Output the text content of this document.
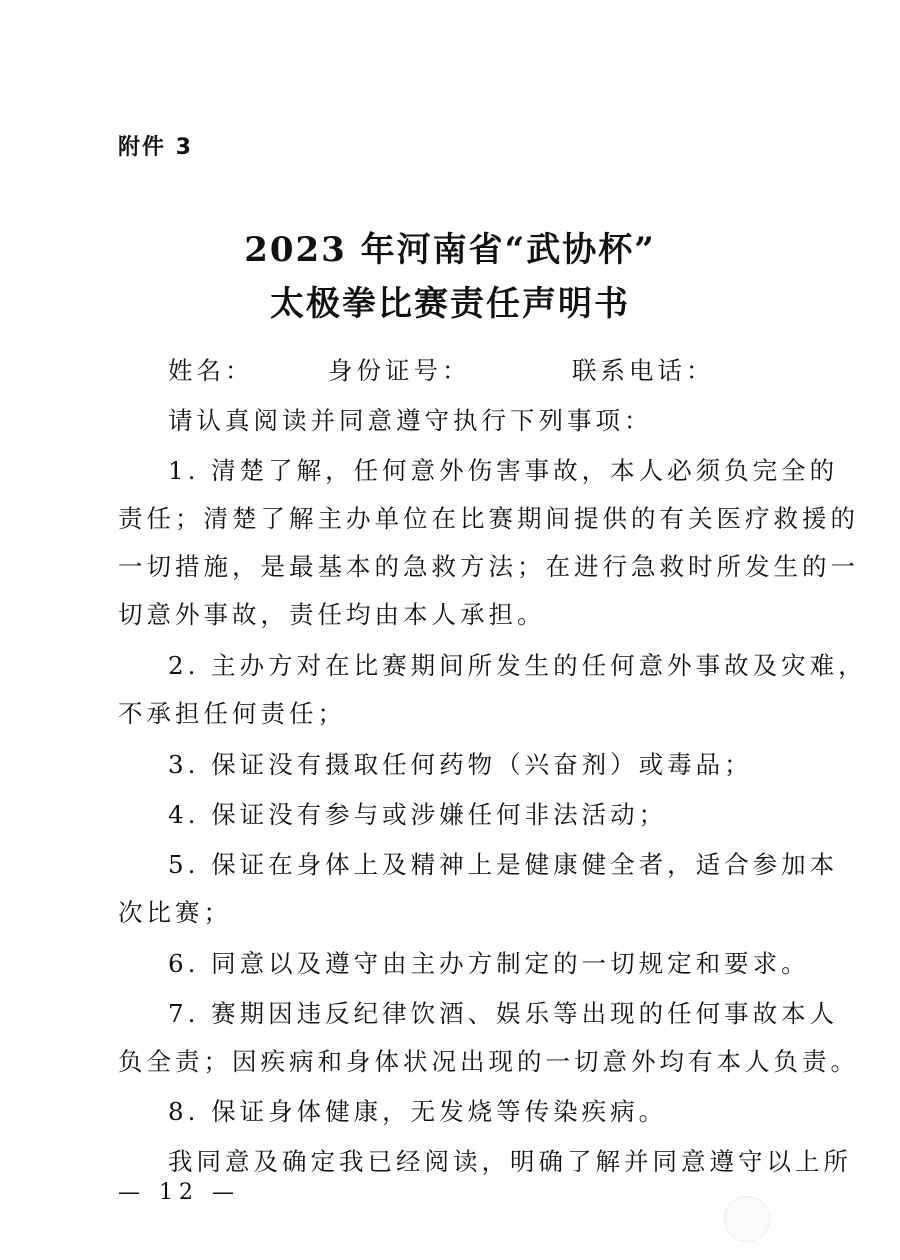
附件 3
2023 年河南省“武协杯”
太极拳比赛责任声明书
姓名：	身份证号：	联系电话：
请认真阅读并同意遵守执行下列事项：
1. 清楚了解，任何意外伤害事故，本人必须负完全的
责任；清楚了解主办单位在比赛期间提供的有关医疗救援的
一切措施，是最基本的急救方法；在进行急救时所发生的一
切意外事故，责任均由本人承担。
2. 主办方对在比赛期间所发生的任何意外事故及灾难，
不承担任何责任；
3. 保证没有摄取任何药物（兴奋剂）或毒品；
4. 保证没有参与或涉嫌任何非法活动；
5. 保证在身体上及精神上是健康健全者，适合参加本
次比赛；
6. 同意以及遵守由主办方制定的一切规定和要求。
7. 赛期因违反纪律饮酒、娱乐等出现的任何事故本人
负全责；因疾病和身体状况出现的一切意外均有本人负责。
8. 保证身体健康，无发烧等传染疾病。
我同意及确定我已经阅读，明确了解并同意遵守以上所
— 12 —
